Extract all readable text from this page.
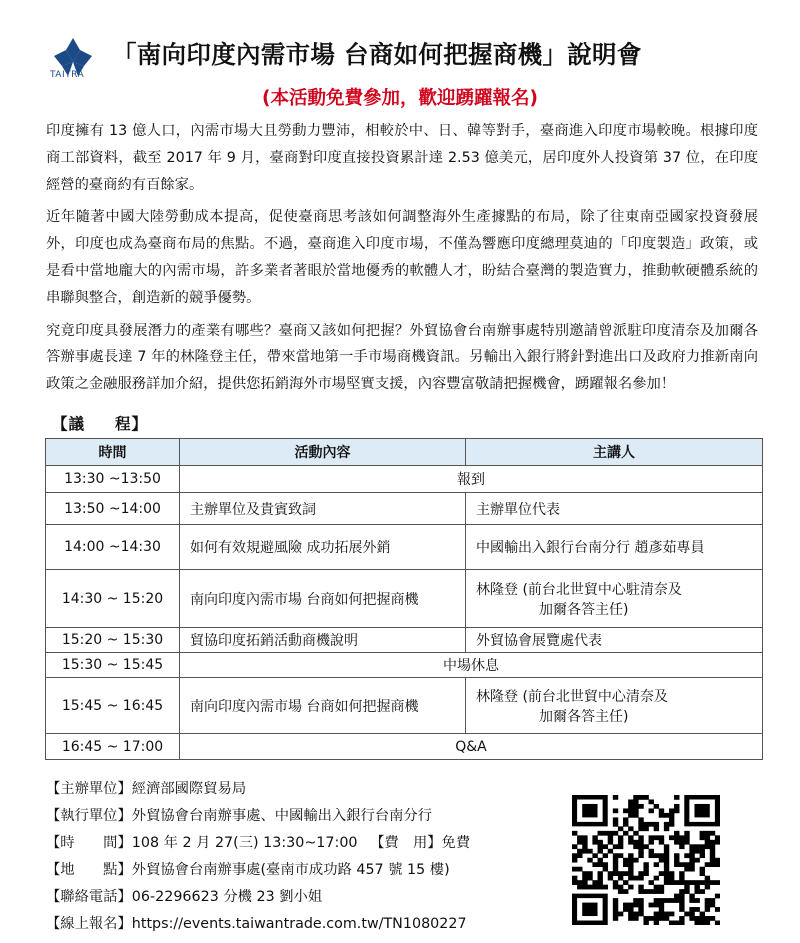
TAITRA
「南向印度內需市場 台商如何把握商機」說明會
(本活動免費參加，歡迎踴躍報名)

印度擁有 13 億人口，內需市場大且勞動力豐沛，相較於中、日、韓等對手，臺商進入印度市場較晚。根據印度商工部資料，截至 2017 年 9 月，臺商對印度直接投資累計達 2.53 億美元，居印度外人投資第 37 位，在印度經營的臺商約有百餘家。

近年隨著中國大陸勞動成本提高，促使臺商思考該如何調整海外生產據點的布局，除了往東南亞國家投資發展外，印度也成為臺商布局的焦點。不過，臺商進入印度市場，不僅為響應印度總理莫迪的「印度製造」政策，或是看中當地龐大的內需市場，許多業者著眼於當地優秀的軟體人才，盼結合臺灣的製造實力，推動軟硬體系統的串聯與整合，創造新的競爭優勢。

究竟印度具發展潛力的產業有哪些？臺商又該如何把握？外貿協會台南辦事處特別邀請曾派駐印度清奈及加爾各答辦事處長達 7 年的林隆登主任，帶來當地第一手市場商機資訊。另輸出入銀行將針對進出口及政府力推新南向政策之金融服務詳加介紹，提供您拓銷海外市場堅實支援，內容豐富敬請把握機會，踴躍報名參加！

【議 程】
時間	活動內容	主講人
13:30 ~13:50	報到	
13:50 ~14:00	主辦單位及貴賓致詞	主辦單位代表
14:00 ~14:30	如何有效規避風險 成功拓展外銷	中國輸出入銀行台南分行 趙彥茹專員
14:30 ~ 15:20	南向印度內需市場 台商如何把握商機	林隆登 (前台北世貿中心駐清奈及
加爾各答主任)

15:20 ~ 15:30	貿協印度拓銷活動商機說明	外貿協會展覽處代表
15:30 ~ 15:45	中場休息	
15:45 ~ 16:45	南向印度內需市場 台商如何把握商機	林隆登 (前台北世貿中心清奈及
加爾各答主任)

16:45 ~ 17:00	Q&A	
【主辦單位】經濟部國際貿易局
【執行單位】外貿協會台南辦事處、中國輸出入銀行台南分行
【時　　間】108 年 2 月 27(三) 13:30~17:00 【費　用】免費
【地　　點】外貿協會台南辦事處(臺南市成功路 457 號 15 樓)
【聯絡電話】06-2296623 分機 23 劉小姐
【線上報名】https://events.taiwantrade.com.tw/TN1080227
